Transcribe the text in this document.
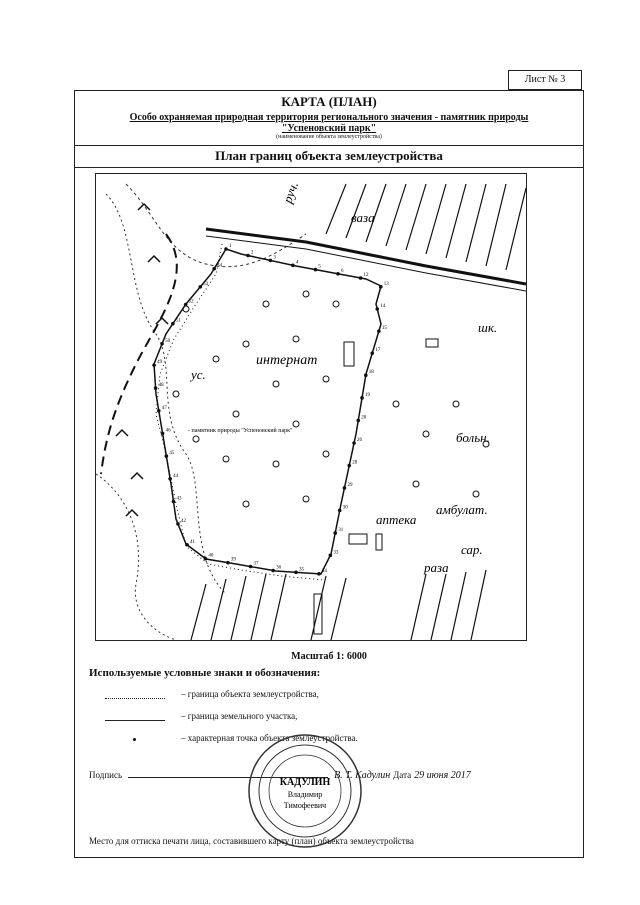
Лист № 3
КАРТА (ПЛАН)
Особо охраняемая природная территория регионального значения - памятник природы
"Успеновский парк"
(наименование объекта землеустройства)
План границ объекта землеустройства
руч.
ваза
интернат
ус.
шк.
больн.
амбулат.
аптека
сар.
раза
- памятник природы "Успеновский парк"
1
2
3
4
5
6
12
13
14
15
17
18
19
20
26
28
29
30
31
33
34
35
36
37
39
40
41
42
43
44
45
46
47
48
49
50
51
52
53
54
Масштаб 1: 6000
Используемые условные знаки и обозначения:
– граница объекта землеустройства,
– граница земельного участка,
– характерная точка объекта землеустройства.
Подпись	В. Т. Кадулин Дата 29 июня 2017
КАДУЛИН
Владимир
Тимофеевич
Место для оттиска печати лица, составившего карту (план) объекта землеустройства
